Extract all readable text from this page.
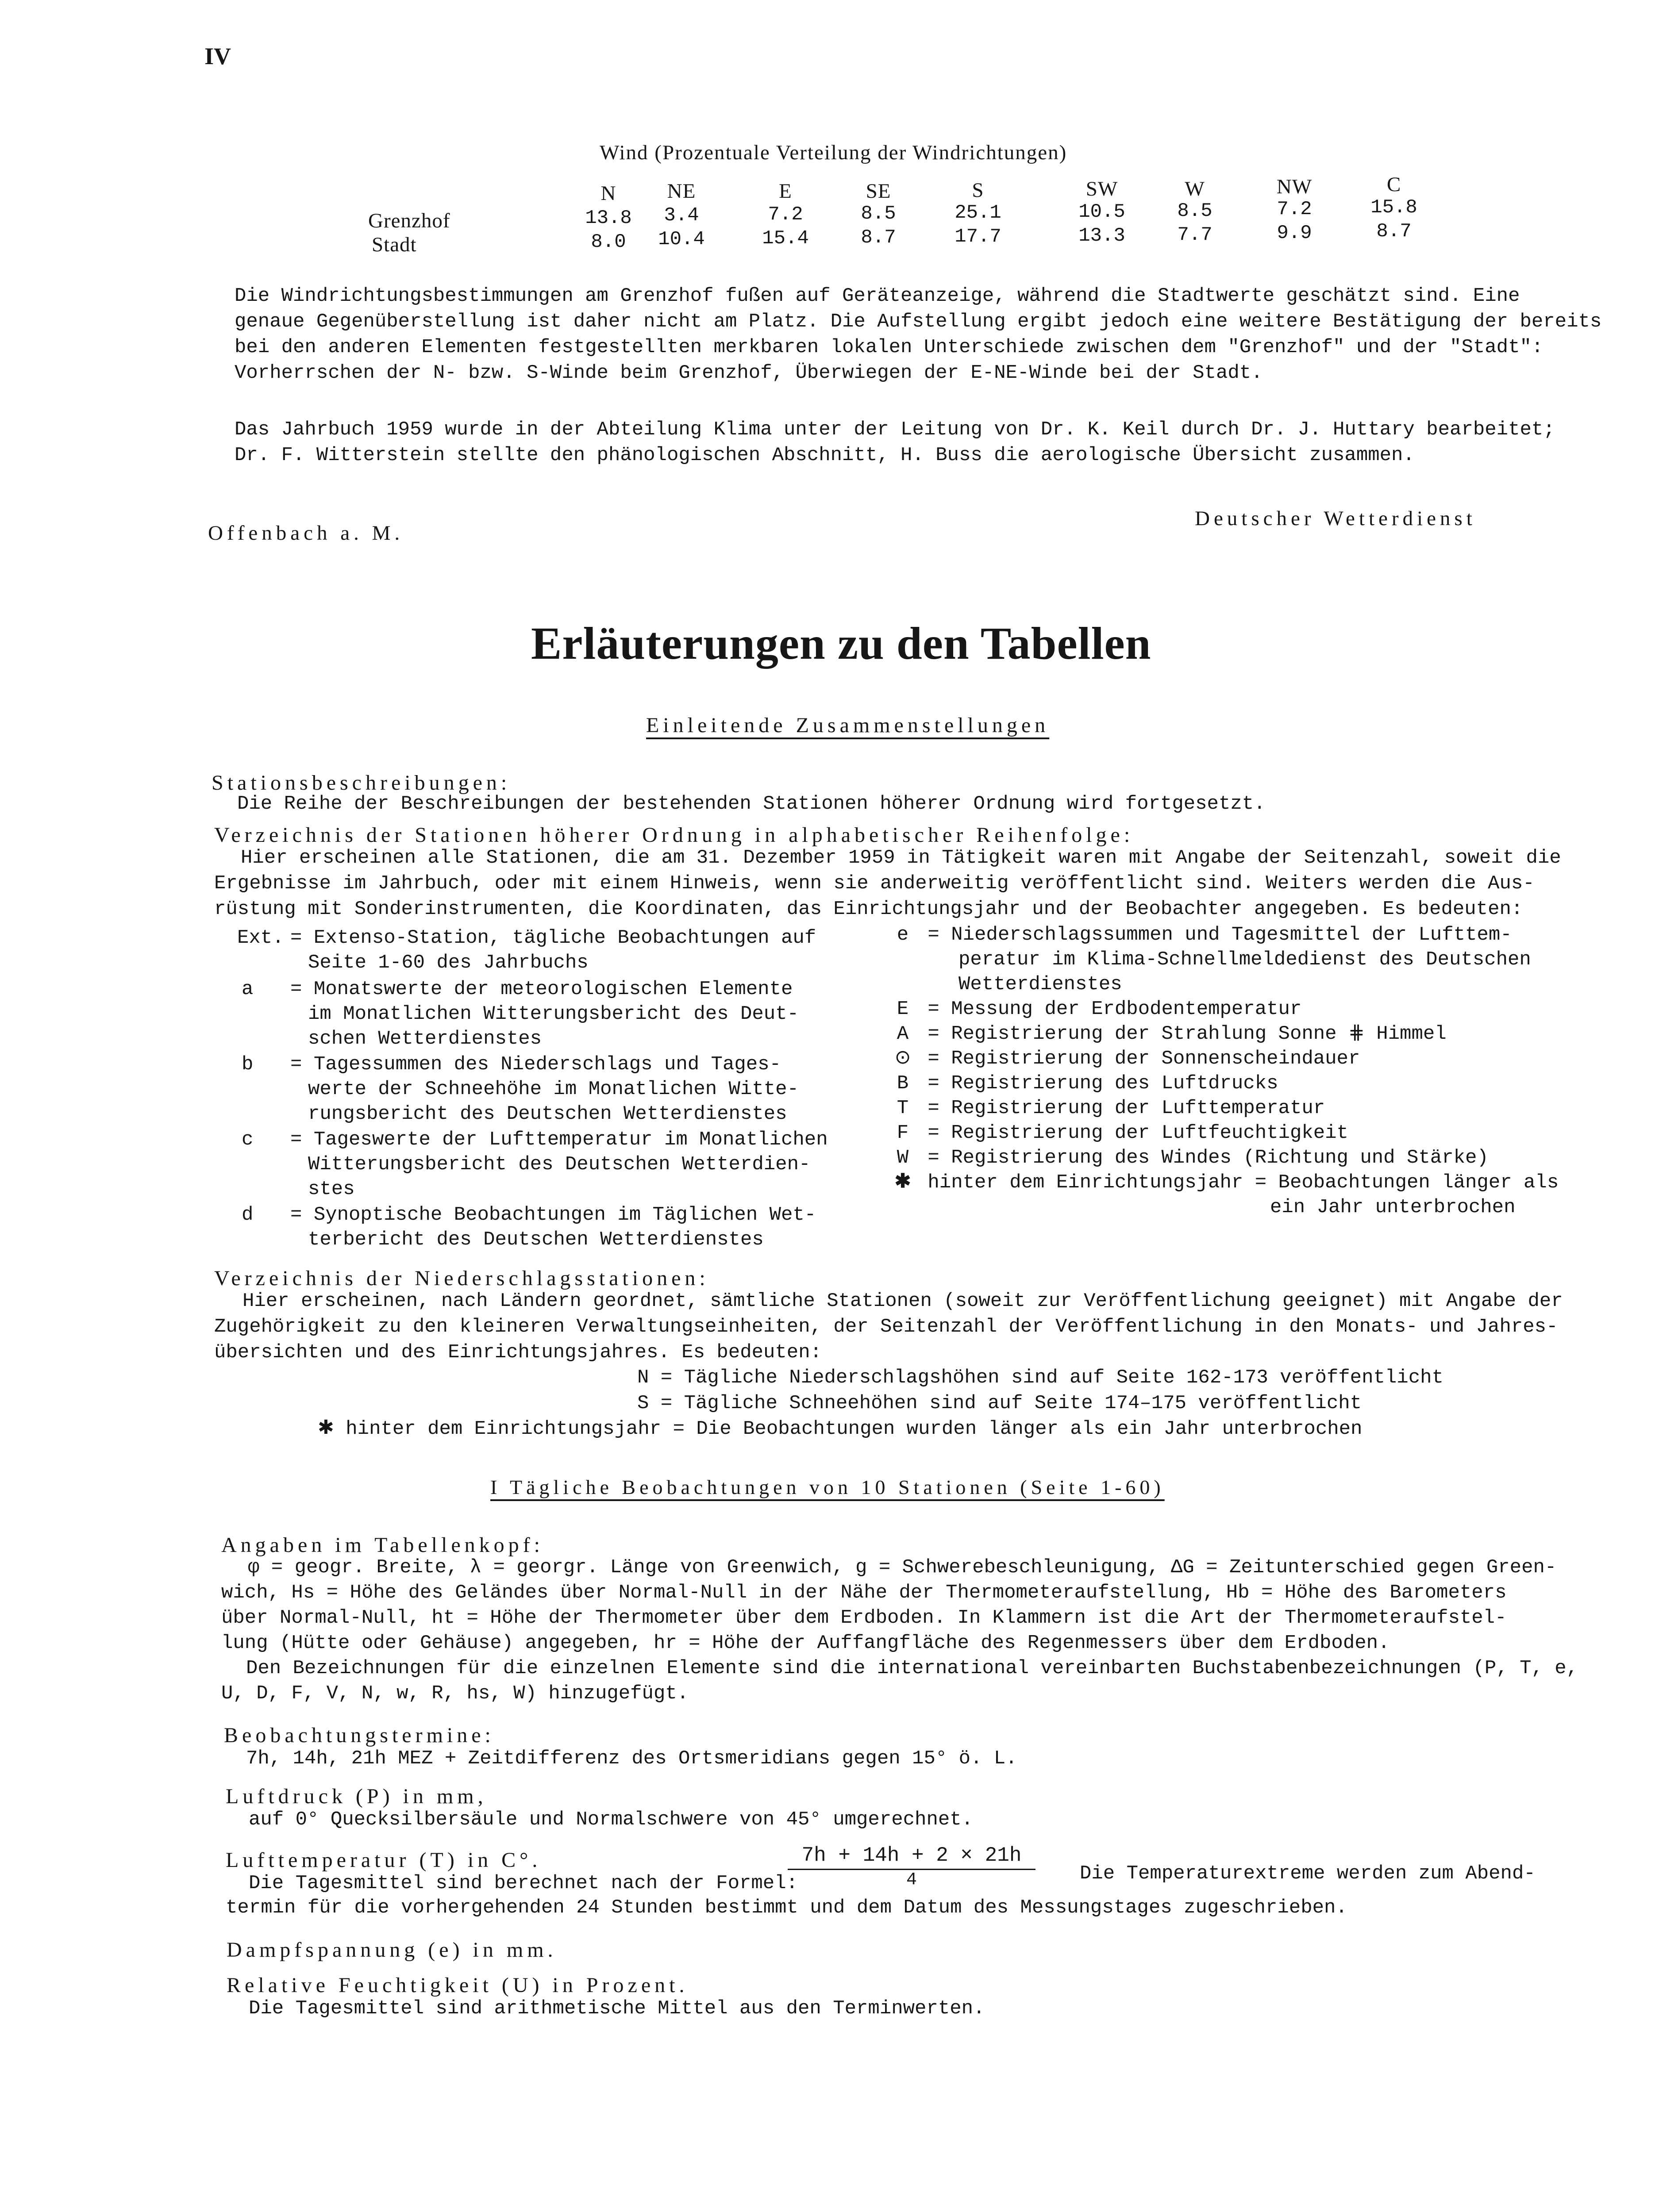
IV
Wind (Prozentuale Verteilung der Windrichtungen)
N	NE	E	SE	S	SW	W	NW	C
Grenzhof	13.8	3.4	7.2	8.5	25.1	10.5	8.5	7.2	15.8
Stadt	8.0	10.4	15.4	8.7	17.7	13.3	7.7	9.9	8.7
Die Windrichtungsbestimmungen am Grenzhof fußen auf Geräteanzeige, während die Stadtwerte geschätzt sind. Eine
genaue Gegenüberstellung ist daher nicht am Platz. Die Aufstellung ergibt jedoch eine weitere Bestätigung der bereits
bei den anderen Elementen festgestellten merkbaren lokalen Unterschiede zwischen dem "Grenzhof" und der "Stadt":
Vorherrschen der N- bzw. S-Winde beim Grenzhof, Überwiegen der E-NE-Winde bei der Stadt.
Das Jahrbuch 1959 wurde in der Abteilung Klima unter der Leitung von Dr. K. Keil durch Dr. J. Huttary bearbeitet;
Dr. F. Witterstein stellte den phänologischen Abschnitt, H. Buss die aerologische Übersicht zusammen.
Offenbach a. M.
Deutscher Wetterdienst
Erläuterungen zu den Tabellen
Einleitende Zusammenstellungen
Stationsbeschreibungen:
Die Reihe der Beschreibungen der bestehenden Stationen höherer Ordnung wird fortgesetzt.
Verzeichnis der Stationen höherer Ordnung in alphabetischer Reihenfolge:
Hier erscheinen alle Stationen, die am 31. Dezember 1959 in Tätigkeit waren mit Angabe der Seitenzahl, soweit die
Ergebnisse im Jahrbuch, oder mit einem Hinweis, wenn sie anderweitig veröffentlicht sind. Weiters werden die Aus-
rüstung mit Sonderinstrumenten, die Koordinaten, das Einrichtungsjahr und der Beobachter angegeben. Es bedeuten:
Ext. = Extenso-Station, tägliche Beobachtungen auf
Seite 1-60 des Jahrbuchs
a = Monatswerte der meteorologischen Elemente
im Monatlichen Witterungsbericht des Deut-
schen Wetterdienstes
b = Tagessummen des Niederschlags und Tages-
werte der Schneehöhe im Monatlichen Witte-
rungsbericht des Deutschen Wetterdienstes
c = Tageswerte der Lufttemperatur im Monatlichen
Witterungsbericht des Deutschen Wetterdien-
stes
d = Synoptische Beobachtungen im Täglichen Wet-
terbericht des Deutschen Wetterdienstes
e = Niederschlagssummen und Tagesmittel der Lufttem-
peratur im Klima-Schnellmeldedienst des Deutschen
Wetterdienstes
E = Messung der Erdbodentemperatur
A = Registrierung der Strahlung Sonne ⋕ Himmel
⊙ = Registrierung der Sonnenscheindauer
B = Registrierung des Luftdrucks
T = Registrierung der Lufttemperatur
F = Registrierung der Luftfeuchtigkeit
W = Registrierung des Windes (Richtung und Stärke)
✱ hinter dem Einrichtungsjahr = Beobachtungen länger als
ein Jahr unterbrochen
Verzeichnis der Niederschlagsstationen:
Hier erscheinen, nach Ländern geordnet, sämtliche Stationen (soweit zur Veröffentlichung geeignet) mit Angabe der
Zugehörigkeit zu den kleineren Verwaltungseinheiten, der Seitenzahl der Veröffentlichung in den Monats- und Jahres-
übersichten und des Einrichtungsjahres. Es bedeuten:
N = Tägliche Niederschlagshöhen sind auf Seite 162-173 veröffentlicht
S = Tägliche Schneehöhen sind auf Seite 174–175 veröffentlicht
✱ hinter dem Einrichtungsjahr = Die Beobachtungen wurden länger als ein Jahr unterbrochen
I Tägliche Beobachtungen von 10 Stationen (Seite 1-60)
Angaben im Tabellenkopf:
φ = geogr. Breite, λ = georgr. Länge von Greenwich, g = Schwerebeschleunigung, ΔG = Zeitunterschied gegen Green-
wich, Hs = Höhe des Geländes über Normal-Null in der Nähe der Thermometeraufstellung, Hb = Höhe des Barometers
über Normal-Null, ht = Höhe der Thermometer über dem Erdboden. In Klammern ist die Art der Thermometeraufstel-
lung (Hütte oder Gehäuse) angegeben, hr = Höhe der Auffangfläche des Regenmessers über dem Erdboden.
Den Bezeichnungen für die einzelnen Elemente sind die international vereinbarten Buchstabenbezeichnungen (P, T, e,
U, D, F, V, N, w, R, hs, W) hinzugefügt.
Beobachtungstermine:
7h, 14h, 21h MEZ + Zeitdifferenz des Ortsmeridians gegen 15° ö. L.
Luftdruck (P) in mm,
auf 0° Quecksilbersäule und Normalschwere von 45° umgerechnet.
Lufttemperatur (T) in C°.
Die Tagesmittel sind berechnet nach der Formel:
$\frac{7h + 14h + 2 \times 21h}{4}$ Die Temperaturextreme werden zum Abend-
termin für die vorhergehenden 24 Stunden bestimmt und dem Datum des Messungstages zugeschrieben.
Dampfspannung (e) in mm.
Relative Feuchtigkeit (U) in Prozent.
Die Tagesmittel sind arithmetische Mittel aus den Terminwerten.
